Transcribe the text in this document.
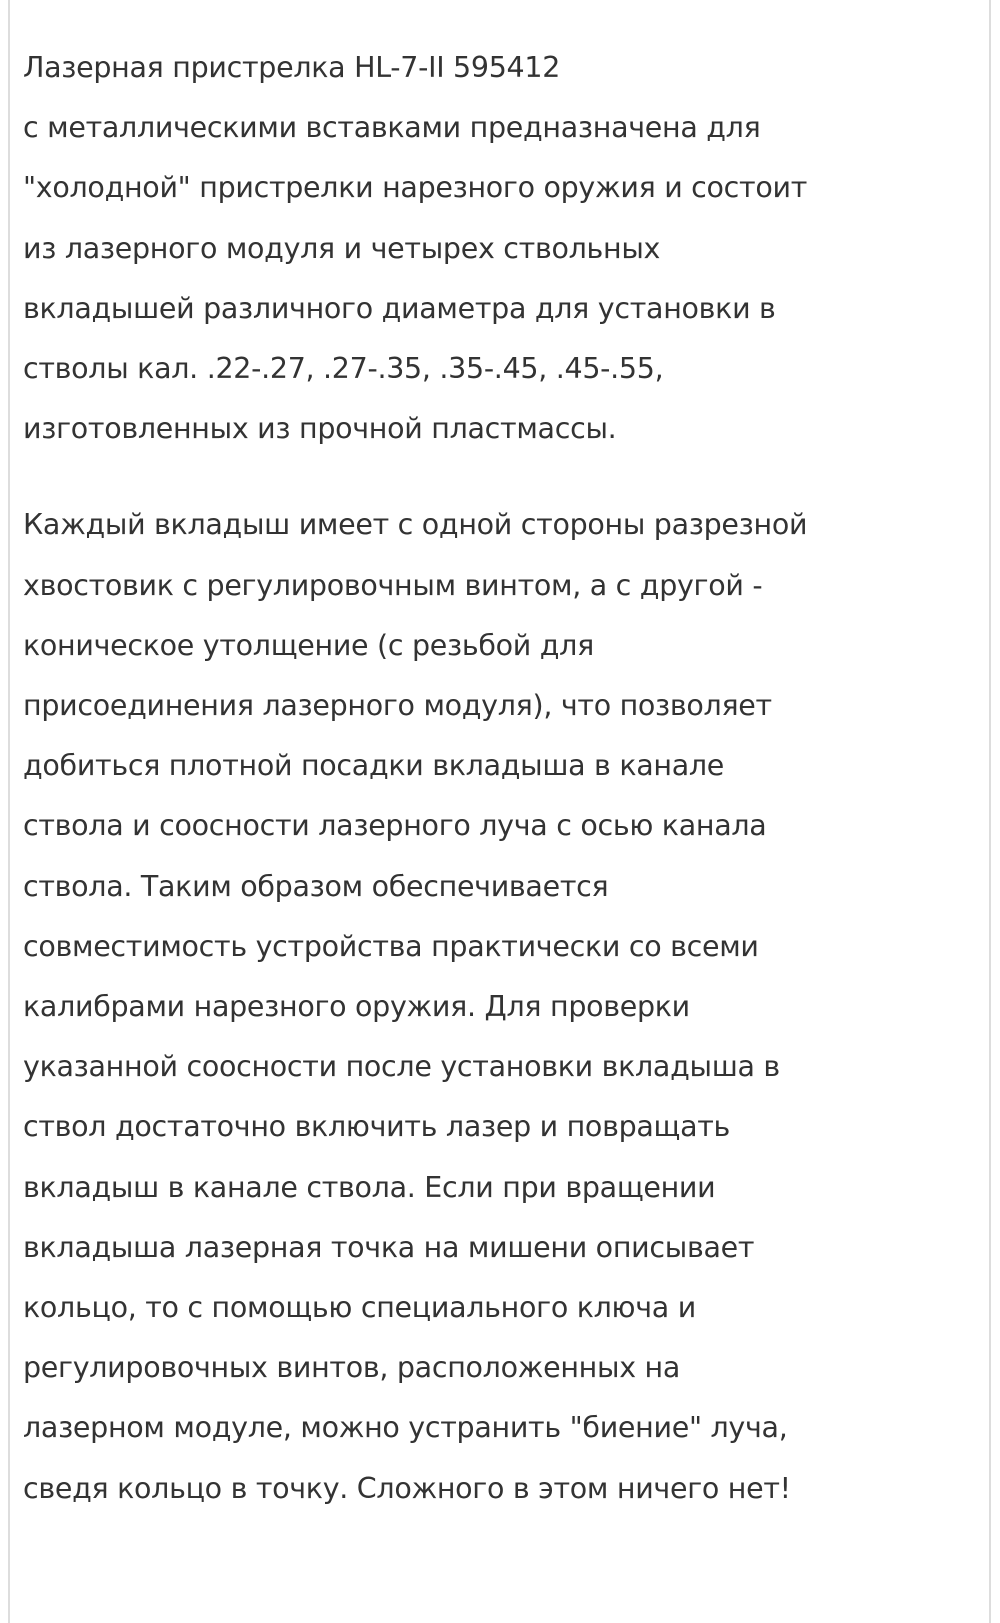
Лазерная пристрелка HL-7-II 595412
с металлическими вставками предназначена для
"холодной" пристрелки нарезного оружия и состоит
из лазерного модуля и четырех ствольных
вкладышей различного диаметра для установки в
стволы кал. .22-.27, .27-.35, .35-.45, .45-.55,
изготовленных из прочной пластмассы.

Каждый вкладыш имеет с одной стороны разрезной
хвостовик с регулировочным винтом, а с другой -
коническое утолщение (с резьбой для
присоединения лазерного модуля), что позволяет
добиться плотной посадки вкладыша в канале
ствола и соосности лазерного луча с осью канала
ствола. Таким образом обеспечивается
совместимость устройства практически со всеми
калибрами нарезного оружия. Для проверки
указанной соосности после установки вкладыша в
ствол достаточно включить лазер и повращать
вкладыш в канале ствола. Если при вращении
вкладыша лазерная точка на мишени описывает
кольцо, то с помощью специального ключа и
регулировочных винтов, расположенных на
лазерном модуле, можно устранить "биение" луча,
сведя кольцо в точку. Сложного в этом ничего нет!
